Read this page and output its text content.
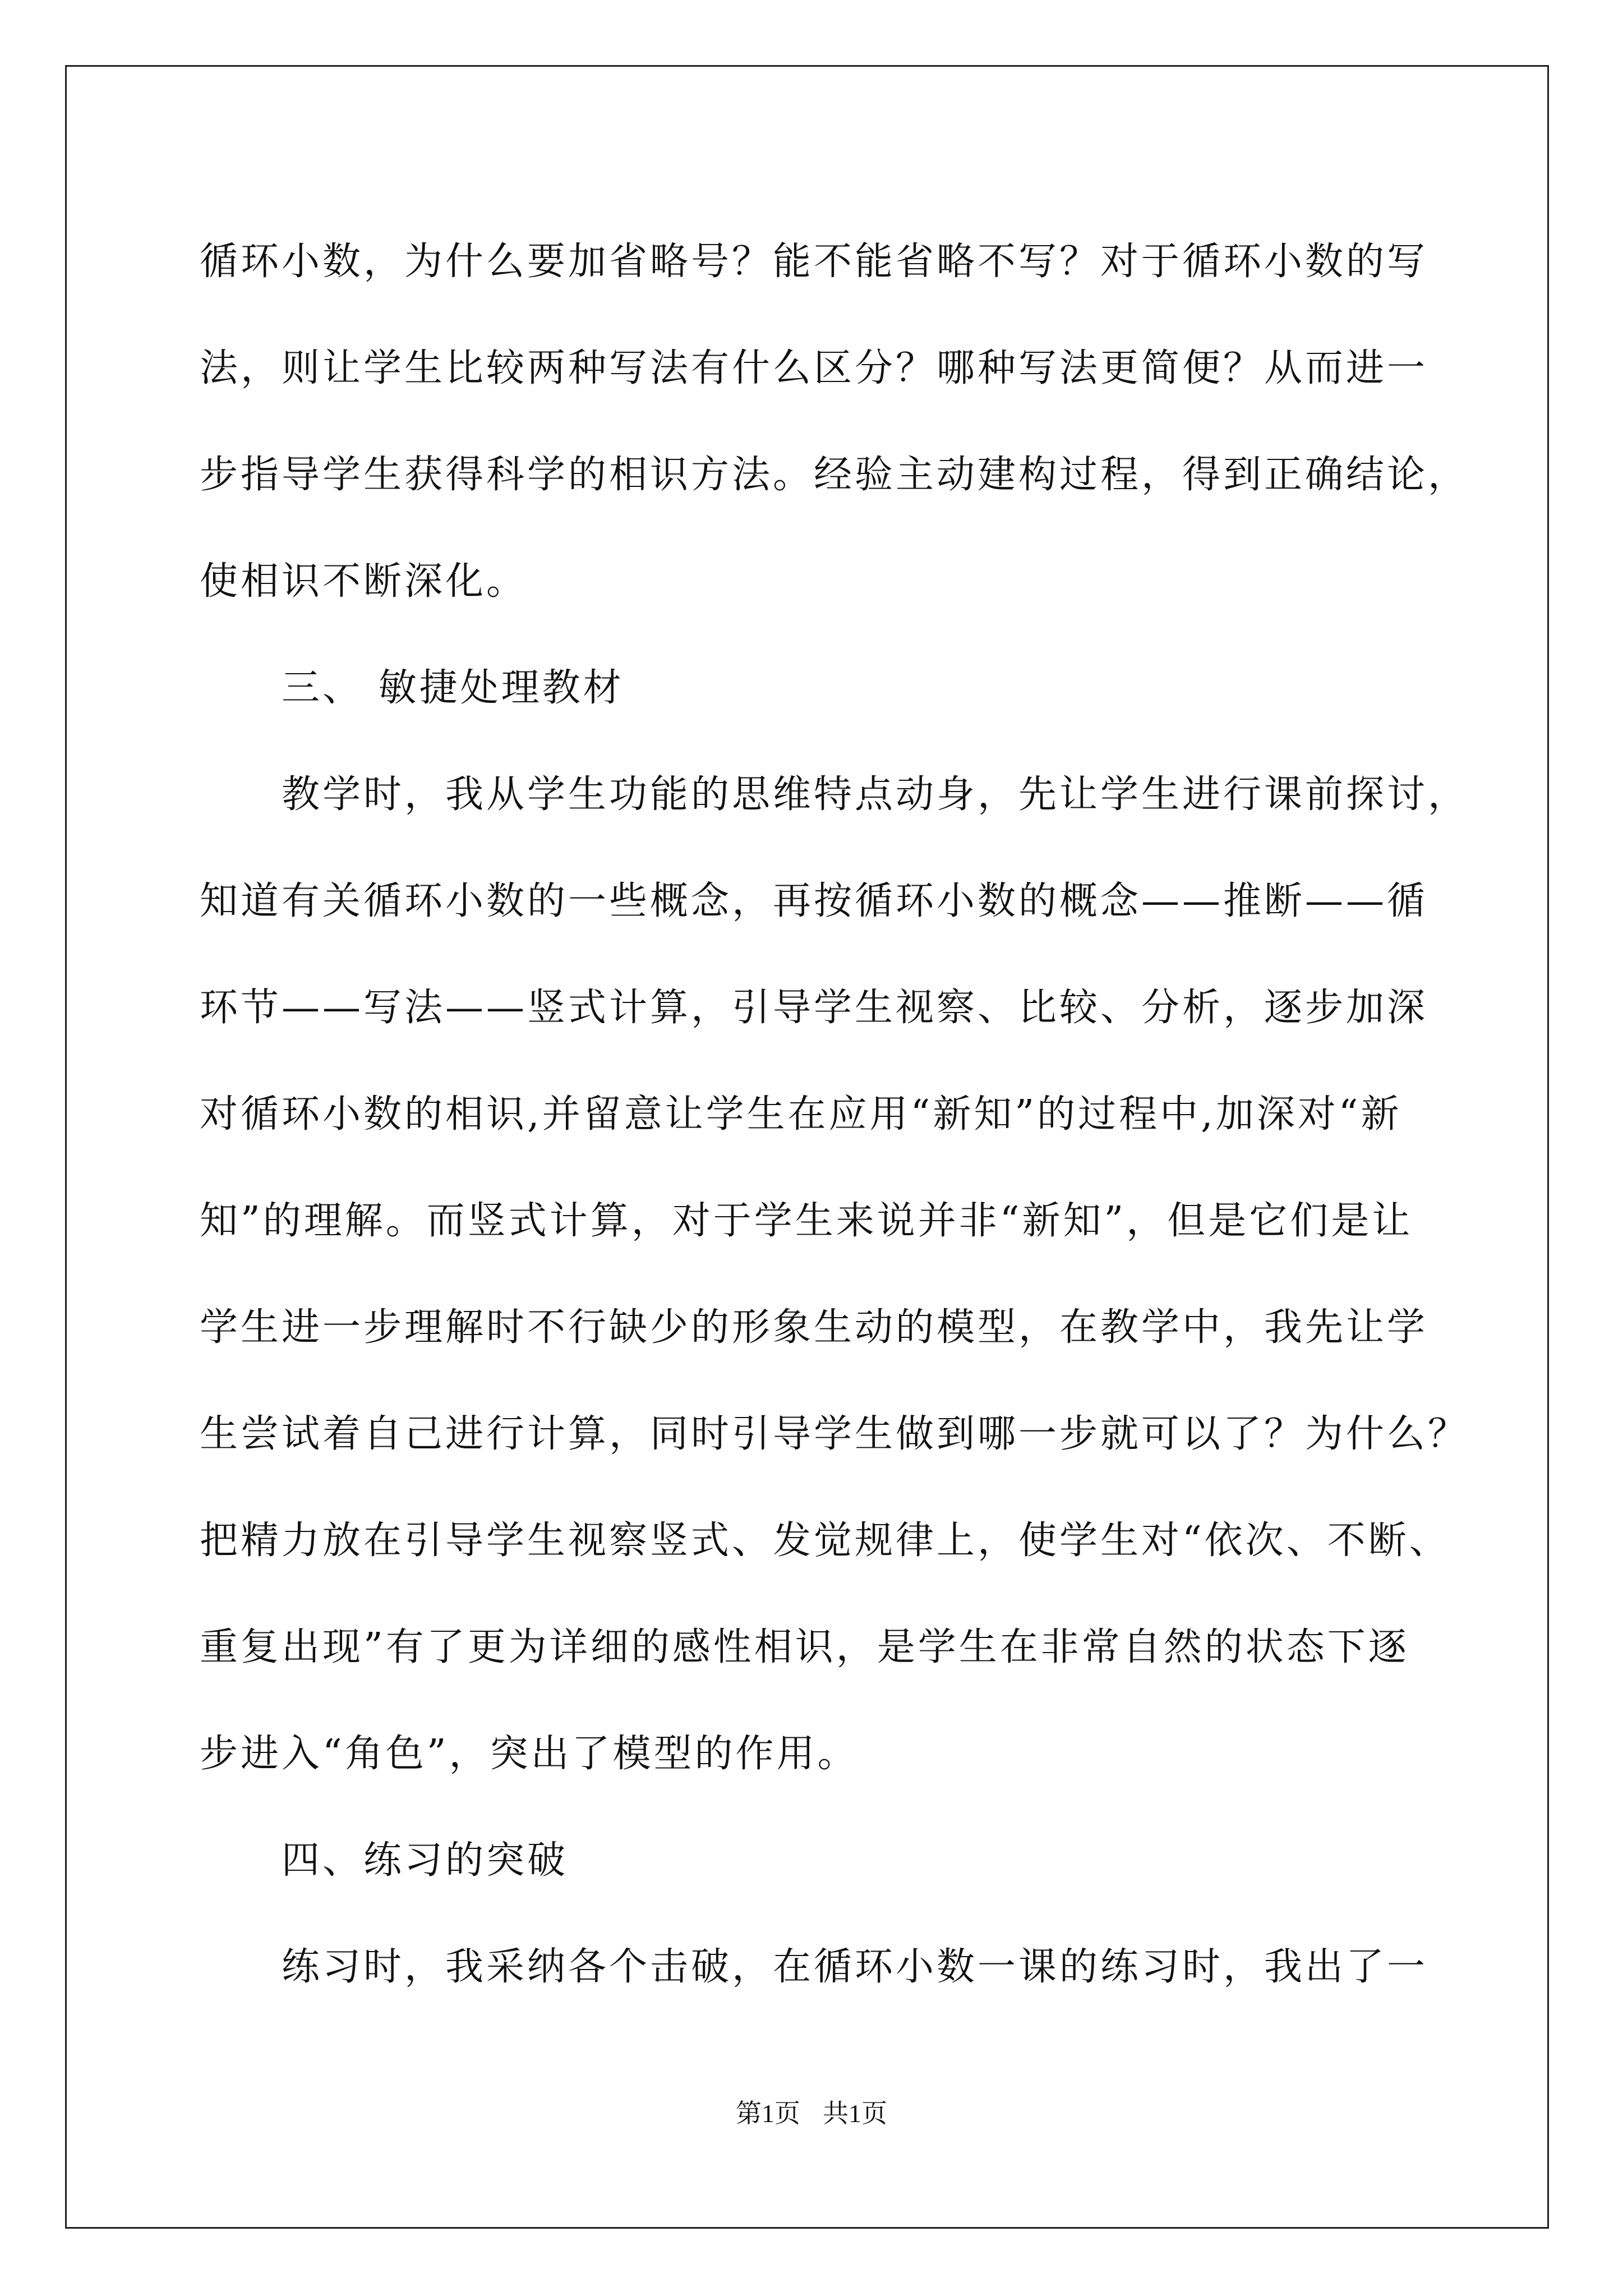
循环小数，为什么要加省略号？能不能省略不写？对于循环小数的写
法，则让学生比较两种写法有什么区分？哪种写法更简便？从而进一
步指导学生获得科学的相识方法。经验主动建构过程，得到正确结论，
使相识不断深化。
三、 敏捷处理教材
教学时，我从学生功能的思维特点动身，先让学生进行课前探讨，
知道有关循环小数的一些概念，再按循环小数的概念——推断——循
环节——写法——竖式计算，引导学生视察、比较、分析，逐步加深
对循环小数的相识,并留意让学生在应用“新知”的过程中,加深对“新
知”的理解。而竖式计算，对于学生来说并非“新知”，但是它们是让
学生进一步理解时不行缺少的形象生动的模型，在教学中，我先让学
生尝试着自己进行计算，同时引导学生做到哪一步就可以了？为什么？
把精力放在引导学生视察竖式、发觉规律上，使学生对“依次、不断、
重复出现”有了更为详细的感性相识，是学生在非常自然的状态下逐
步进入“角色”，突出了模型的作用。
四、练习的突破
练习时，我采纳各个击破，在循环小数一课的练习时，我出了一
第1页 共1页
